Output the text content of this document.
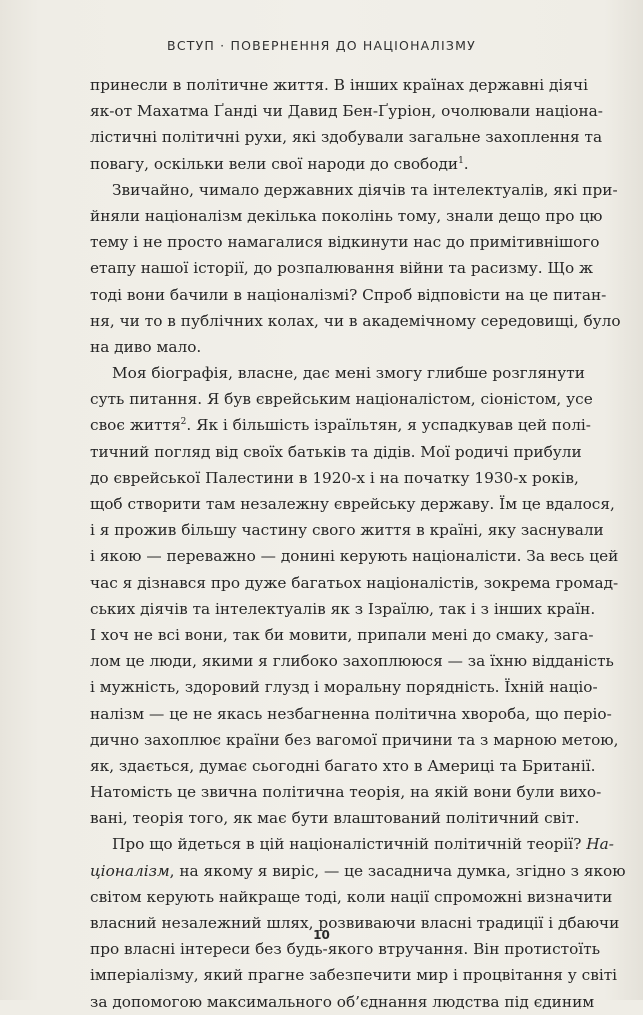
ВСТУП · ПОВЕРНЕННЯ ДО НАЦІОНАЛІЗМУ
принесли в політичне життя. В інших країнах державні діячі
як-от Махатма Ґанді чи Давид Бен-Ґуріон, очолювали націона-
лістичні політичні рухи, які здобували загальне захоплення та
повагу, оскільки вели свої народи до свободи$^1$.
Звичайно, чимало державних діячів та інтелектуалів, які при-
йняли націоналізм декілька поколінь тому, знали дещо про цю
тему і не просто намагалися відкинути нас до примітивнішого
етапу нашої історії, до розпалювання війни та расизму. Що ж
тоді вони бачили в націоналізмі? Спроб відповісти на це питан-
ня, чи то в публічних колах, чи в академічному середовищі, було
на диво мало.
Моя біографія, власне, дає мені змогу глибше розглянути
суть питання. Я був єврейським націоналістом, сіоністом, усе
своє життя$^2$. Як і більшість ізраїльтян, я успадкував цей полі-
тичний погляд від своїх батьків та дідів. Мої родичі прибули
до єврейської Палестини в 1920-х і на початку 1930-х років,
щоб створити там незалежну єврейську державу. Їм це вдалося,
і я прожив більшу частину свого життя в країні, яку заснували
і якою — переважно — донині керують націоналісти. За весь цей
час я дізнався про дуже багатьох націоналістів, зокрема громад-
ських діячів та інтелектуалів як з Ізраїлю, так і з інших країн.
І хоч не всі вони, так би мовити, припали мені до смаку, зага-
лом це люди, якими я глибоко захоплююся — за їхню відданість
і мужність, здоровий глузд і моральну порядність. Їхній націо-
налізм — це не якась незбагненна політична хвороба, що періо-
дично захоплює країни без вагомої причини та з марною метою,
як, здається, думає сьогодні багато хто в Америці та Британії.
Натомість це звична політична теорія, на якій вони були вихо-
вані, теорія того, як має бути влаштований політичний світ.
Про що йдеться в цій націоналістичній політичній теорії? На-
ціоналізм, на якому я виріс, — це засаднича думка, згідно з якою
світом керують найкраще тоді, коли нації спроможні визначити
власний незалежний шлях, розвиваючи власні традиції і дбаючи
про власні інтереси без будь-якого втручання. Він протистоїть
імперіалізму, який прагне забезпечити мир і процвітання у світі
за допомогою максимального об’єднання людства під єдиним
10
